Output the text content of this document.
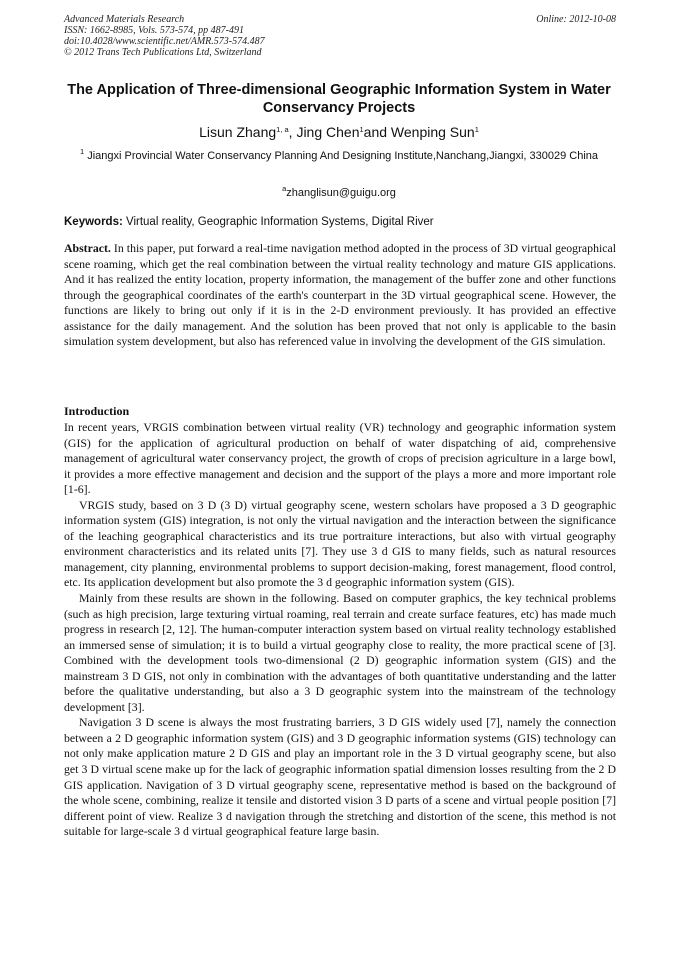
Advanced Materials Research
ISSN: 1662-8985, Vols. 573-574, pp 487-491
doi:10.4028/www.scientific.net/AMR.573-574.487
© 2012 Trans Tech Publications Ltd, Switzerland
Online: 2012-10-08
The Application of Three-dimensional Geographic Information System in Water Conservancy Projects
Lisun Zhang$^{1, a}$, Jing Chen$^1$and Wenping Sun$^1$
$^1$ Jiangxi Provincial Water Conservancy Planning And Designing Institute,Nanchang,Jiangxi, 330029 China
$^a$zhanglisun@guigu.org
Keywords: Virtual reality, Geographic Information Systems, Digital River
Abstract. In this paper, put forward a real-time navigation method adopted in the process of 3D virtual geographical scene roaming, which get the real combination between the virtual reality technology and mature GIS applications. And it has realized the entity location, property information, the management of the buffer zone and other functions through the geographical coordinates of the earth's counterpart in the 3D virtual geographical scene. However, the functions are likely to bring out only if it is in the 2-D environment previously. It has provided an effective assistance for the daily management. And the solution has been proved that not only is applicable to the basin simulation system development, but also has referenced value in involving the development of the GIS simulation.
Introduction

In recent years, VRGIS combination between virtual reality (VR) technology and geographic information system (GIS) for the application of agricultural production on behalf of water dispatching of aid, comprehensive management of agricultural water conservancy project, the growth of crops of precision agriculture in a large bowl, it provides a more effective management and decision and the support of the plays a more and more important role [1-6].

VRGIS study, based on 3 D (3 D) virtual geography scene, western scholars have proposed a 3 D geographic information system (GIS) integration, is not only the virtual navigation and the interaction between the significance of the leaching geographical characteristics and its true portraiture interactions, but also with virtual geography environment characteristics and its related units [7]. They use 3 d GIS to many fields, such as natural resources management, city planning, environmental problems to support decision-making, forest management, flood control, etc. Its application development but also promote the 3 d geographic information system (GIS).

Mainly from these results are shown in the following. Based on computer graphics, the key technical problems (such as high precision, large texturing virtual roaming, real terrain and create surface features, etc) has made much progress in research [2, 12]. The human-computer interaction system based on virtual reality technology established an immersed sense of simulation; it is to build a virtual geography close to reality, the more practical scene of [3]. Combined with the development tools two-dimensional (2 D) geographic information system (GIS) and the mainstream 3 D GIS, not only in combination with the advantages of both quantitative understanding and the latter before the qualitative understanding, but also a 3 D geographic system into the mainstream of the technology development [3].

Navigation 3 D scene is always the most frustrating barriers, 3 D GIS widely used [7], namely the connection between a 2 D geographic information system (GIS) and 3 D geographic information systems (GIS) technology can not only make application mature 2 D GIS and play an important role in the 3 D virtual geography scene, but also get 3 D virtual scene make up for the lack of geographic information spatial dimension losses resulting from the 2 D GIS application. Navigation of 3 D virtual geography scene, representative method is based on the background of the whole scene, combining, realize it tensile and distorted vision 3 D parts of a scene and virtual people position [7] different point of view. Realize 3 d navigation through the stretching and distortion of the scene, this method is not suitable for large-scale 3 d virtual geographical feature large basin.
